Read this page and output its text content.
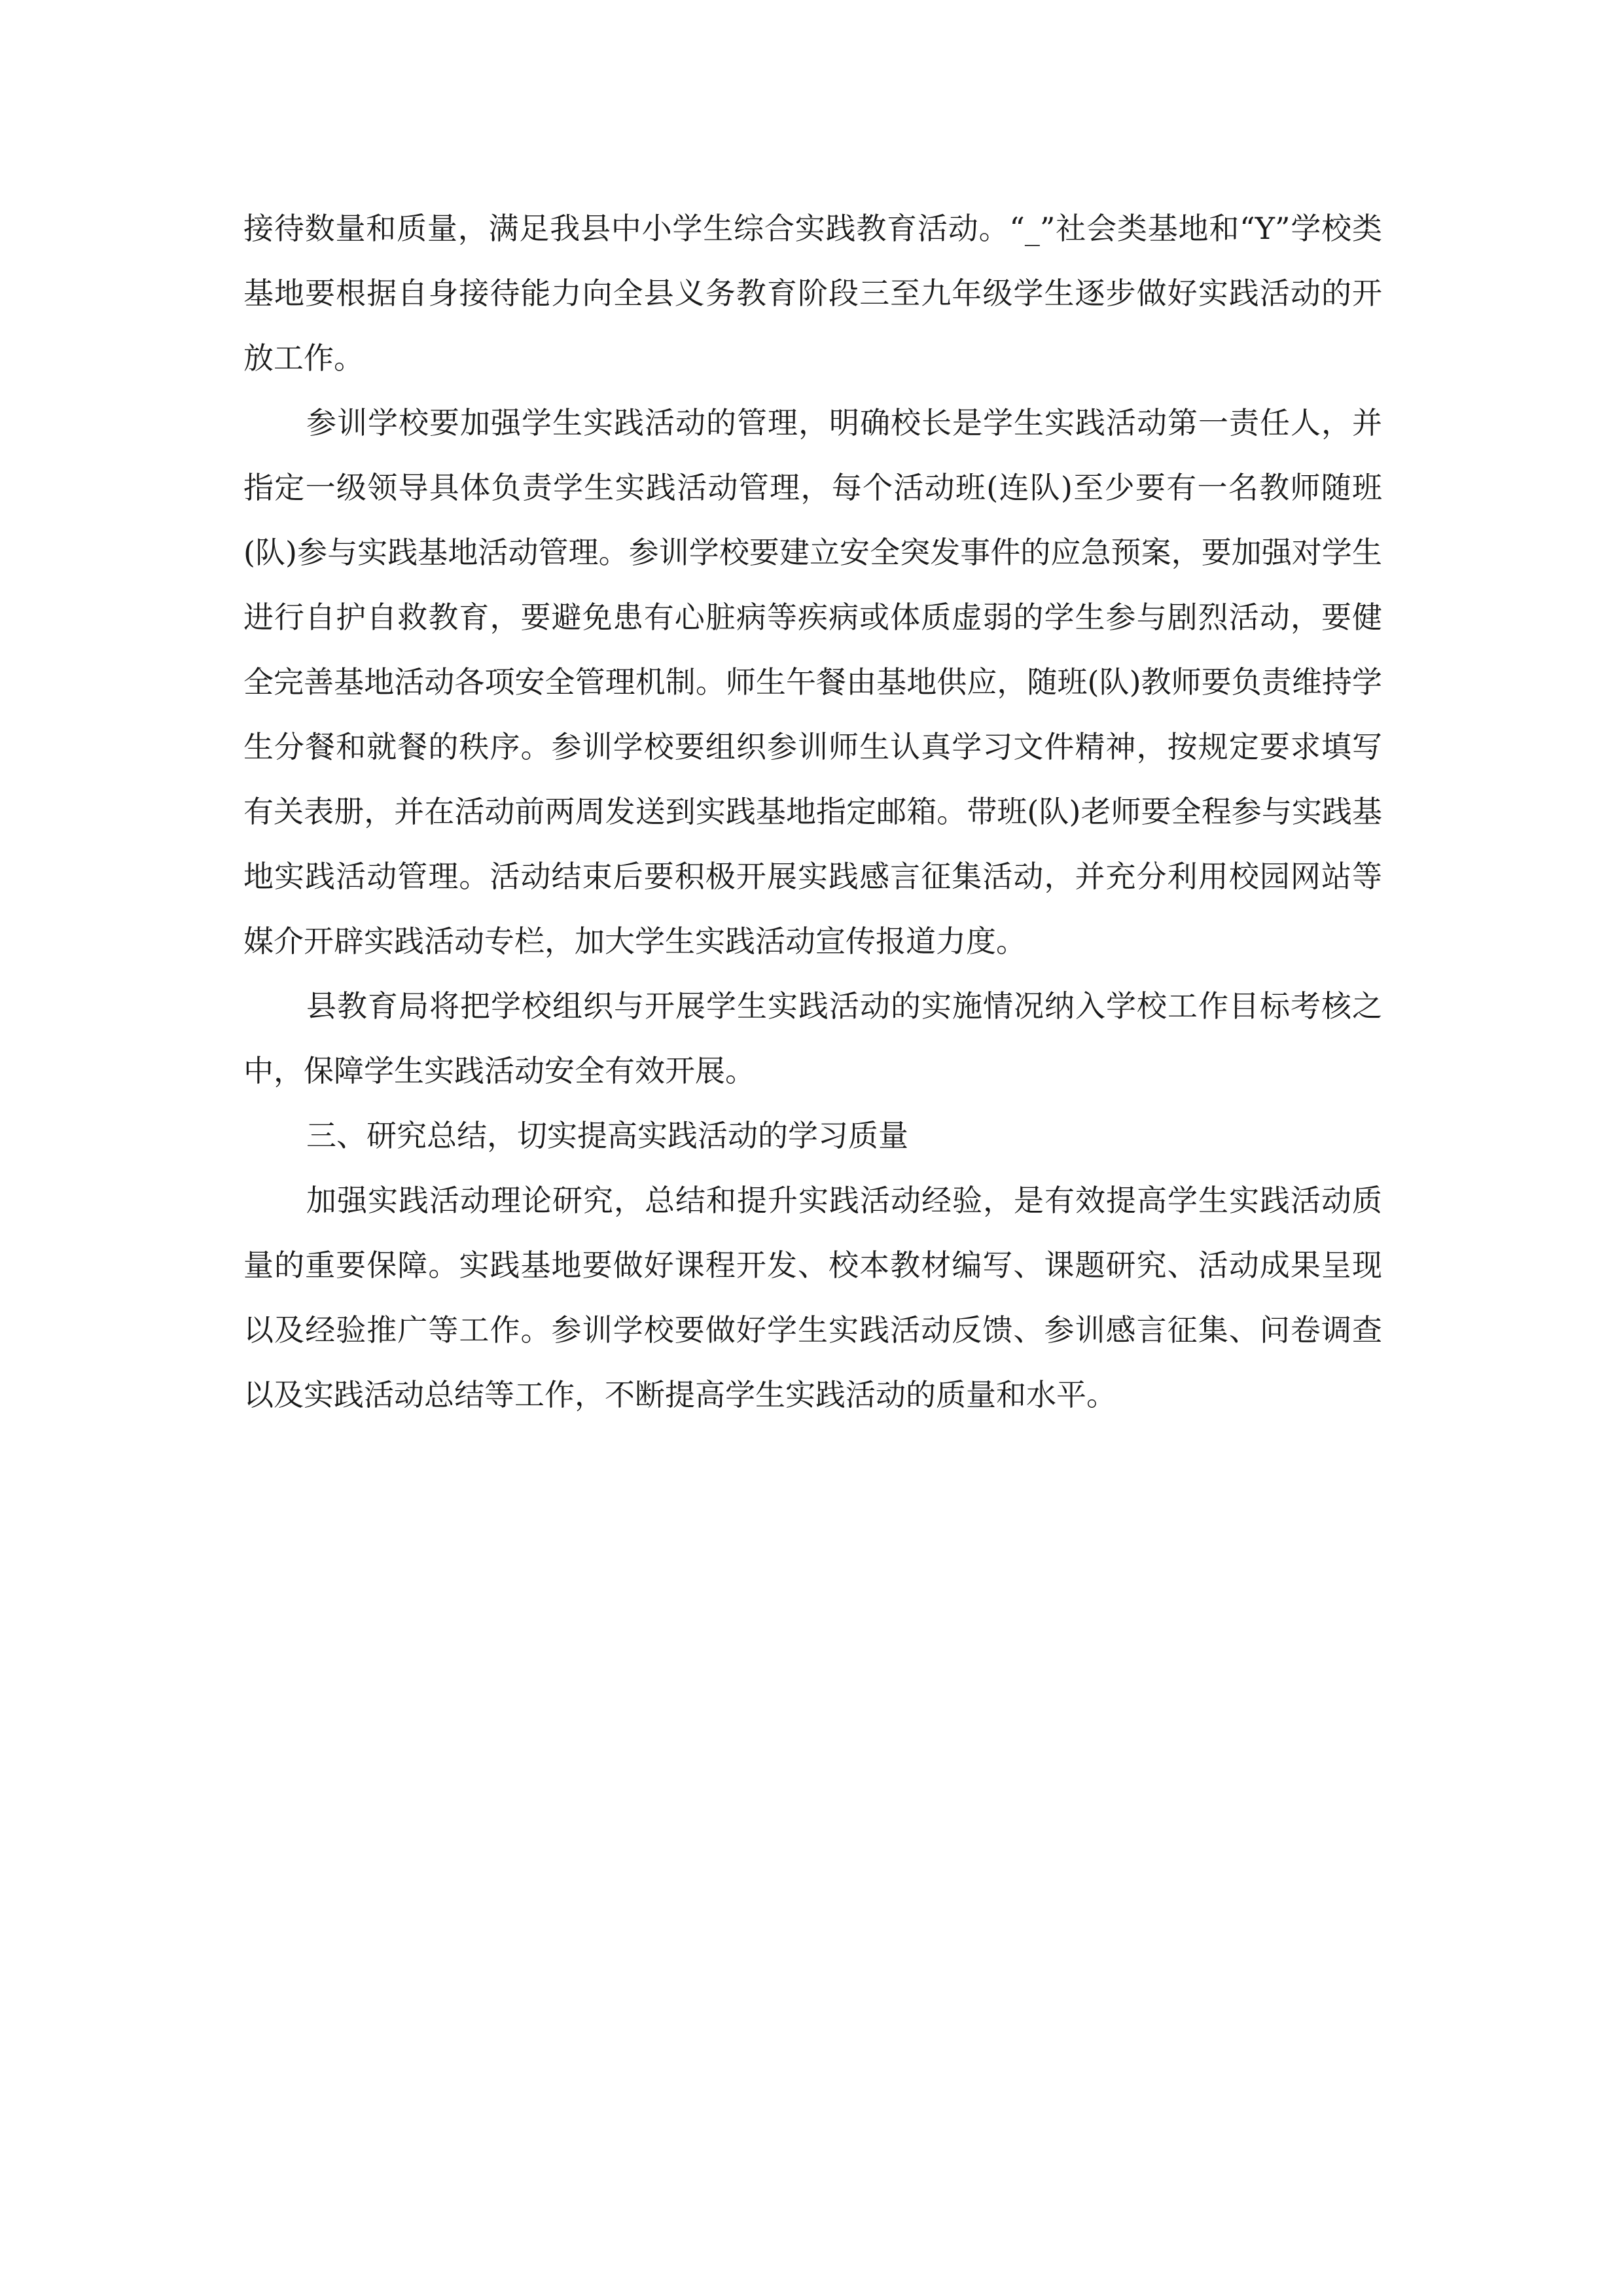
接待数量和质量，满足我县中小学生综合实践教育活动。“_”社会类基地和“Y”学校类基地要根据自身接待能力向全县义务教育阶段三至九年级学生逐步做好实践活动的开放工作。

参训学校要加强学生实践活动的管理，明确校长是学生实践活动第一责任人，并指定一级领导具体负责学生实践活动管理，每个活动班(连队)至少要有一名教师随班(队)参与实践基地活动管理。参训学校要建立安全突发事件的应急预案，要加强对学生进行自护自救教育，要避免患有心脏病等疾病或体质虚弱的学生参与剧烈活动，要健全完善基地活动各项安全管理机制。师生午餐由基地供应，随班(队)教师要负责维持学生分餐和就餐的秩序。参训学校要组织参训师生认真学习文件精神，按规定要求填写有关表册，并在活动前两周发送到实践基地指定邮箱。带班(队)老师要全程参与实践基地实践活动管理。活动结束后要积极开展实践感言征集活动，并充分利用校园网站等媒介开辟实践活动专栏，加大学生实践活动宣传报道力度。

县教育局将把学校组织与开展学生实践活动的实施情况纳入学校工作目标考核之中，保障学生实践活动安全有效开展。

三、研究总结，切实提高实践活动的学习质量

加强实践活动理论研究，总结和提升实践活动经验，是有效提高学生实践活动质量的重要保障。实践基地要做好课程开发、校本教材编写、课题研究、活动成果呈现以及经验推广等工作。参训学校要做好学生实践活动反馈、参训感言征集、问卷调查以及实践活动总结等工作，不断提高学生实践活动的质量和水平。
